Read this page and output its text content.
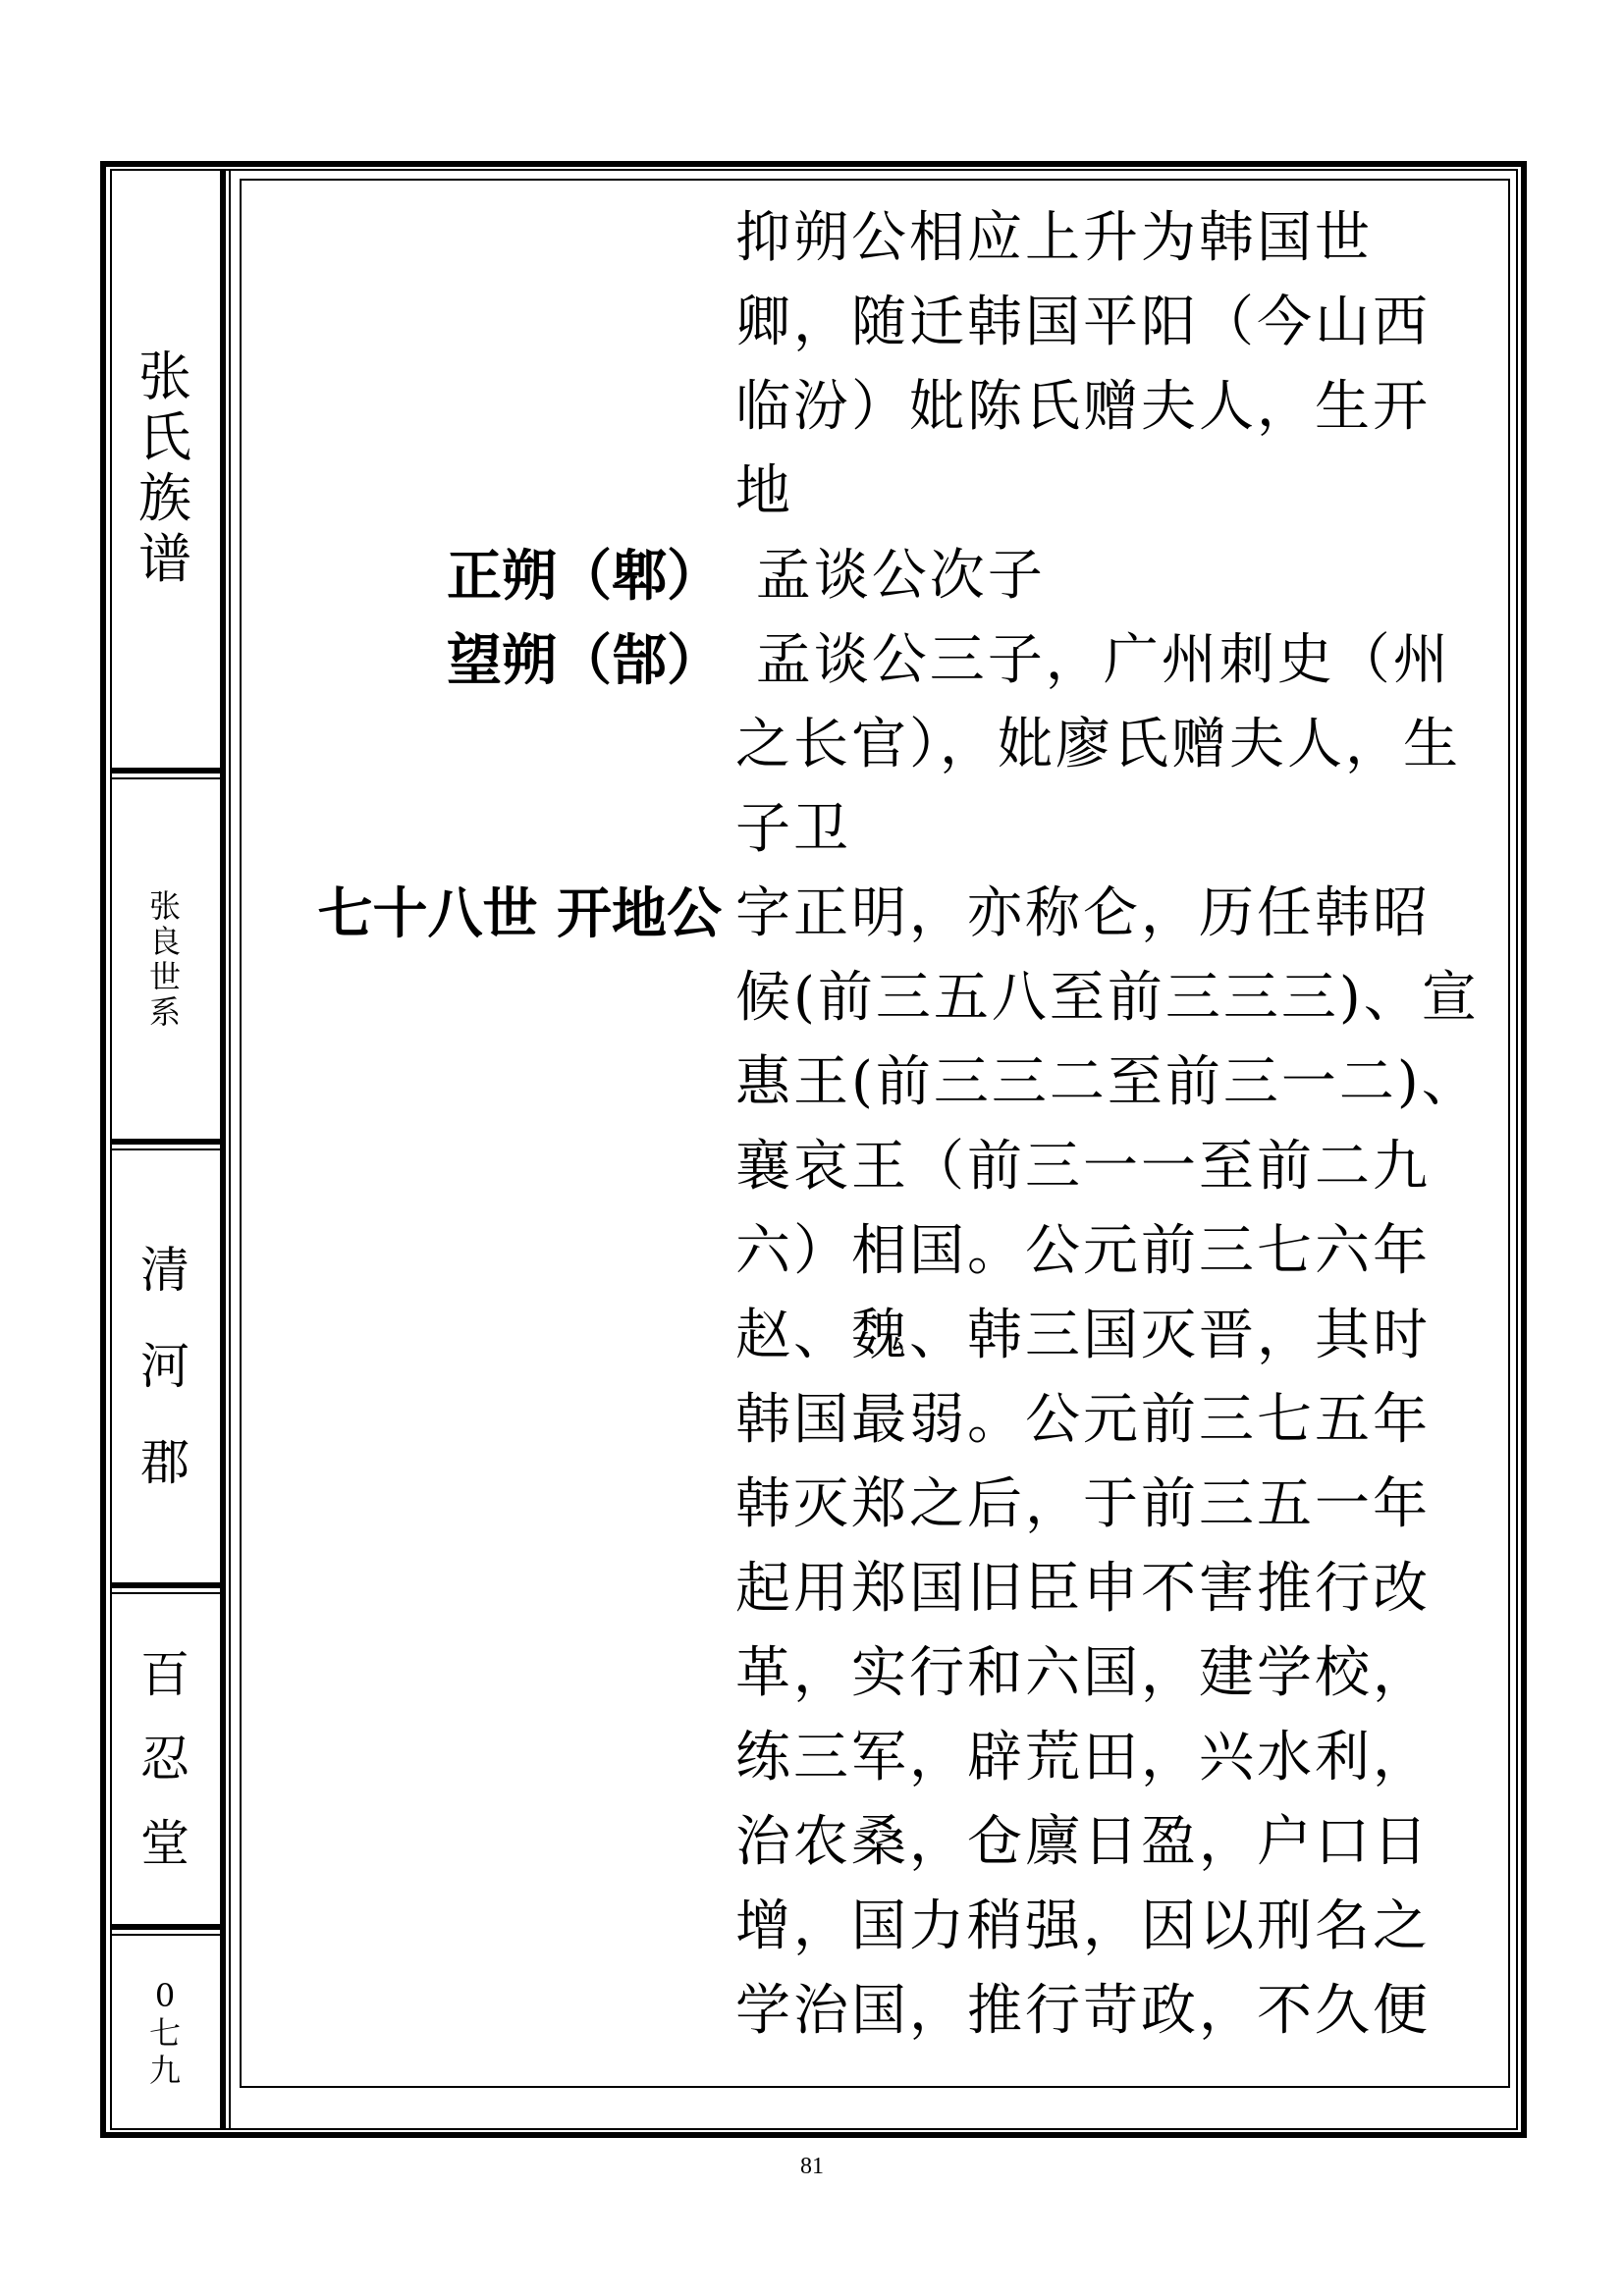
张
氏
族
谱
张
良
世
系
清
河
郡
百
忍
堂
0
七
九
抑朔公相应上升为韩国世
卿，随迁韩国平阳（今山西
临汾）妣陈氏赠夫人，生开
地
正朔（郫） 孟谈公次子
望朔（郜） 孟谈公三子，广州刺史（州
之长官），妣廖氏赠夫人，生
子卫
七十八世 开地公 字正明，亦称仑，历任韩昭
候(前三五八至前三三三)、宣
惠王(前三三二至前三一二)、
襄哀王（前三一一至前二九
六）相国。公元前三七六年
赵、魏、韩三国灭晋，其时
韩国最弱。公元前三七五年
韩灭郑之后，于前三五一年
起用郑国旧臣申不害推行改
革，实行和六国，建学校，
练三军，辟荒田，兴水利，
治农桑，仓廪日盈，户口日
增，国力稍强，因以刑名之
学治国，推行苛政，不久便
81
